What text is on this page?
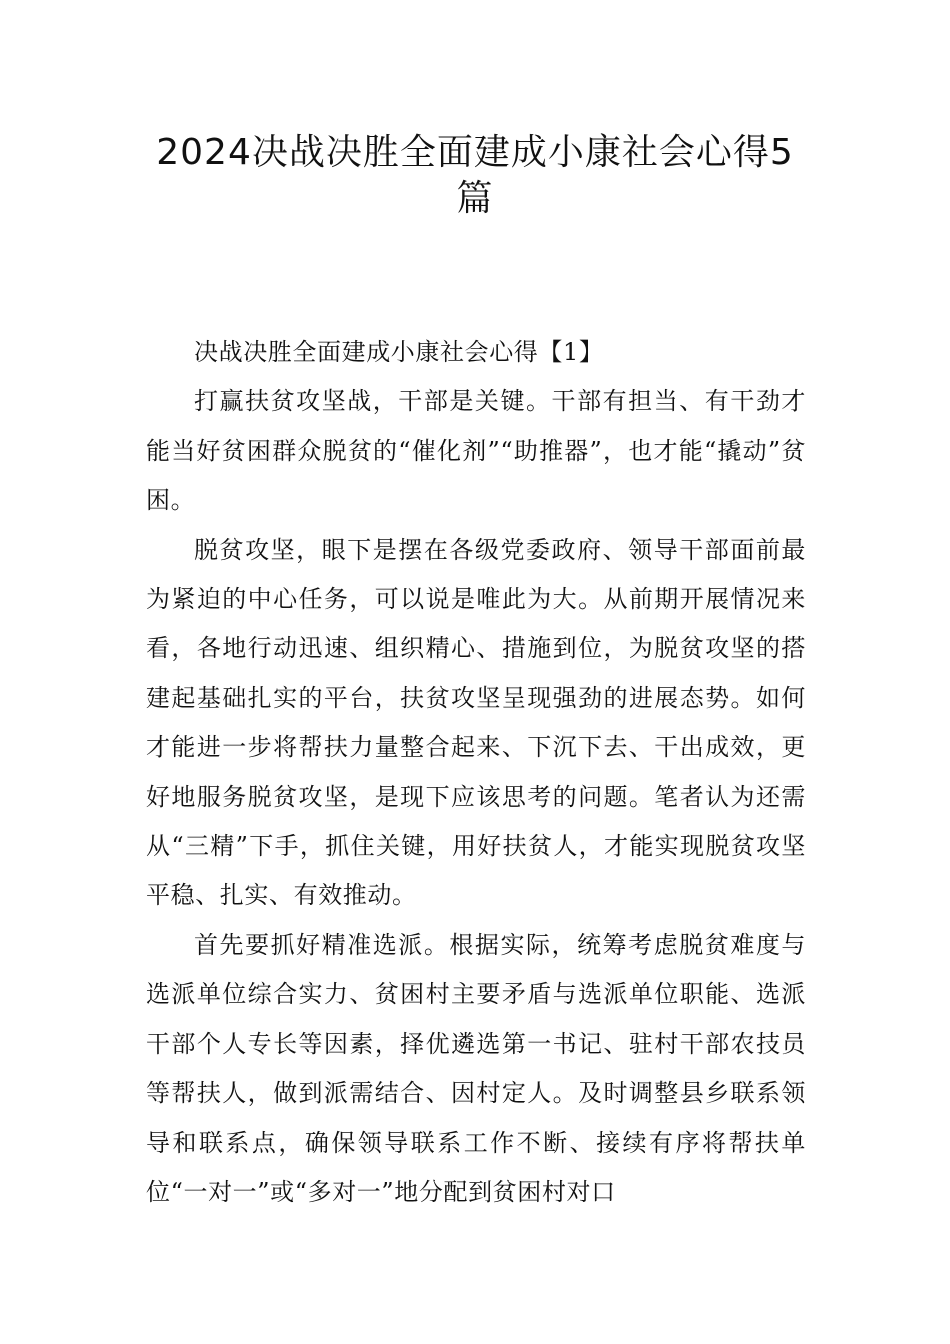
2024决战决胜全面建成小康社会心得5篇

决战决胜全面建成小康社会心得【1】

打赢扶贫攻坚战，干部是关键。干部有担当、有干劲才能当好贫困群众脱贫的“催化剂”“助推器”，也才能“撬动”贫困。

脱贫攻坚，眼下是摆在各级党委政府、领导干部面前最为紧迫的中心任务，可以说是唯此为大。从前期开展情况来看，各地行动迅速、组织精心、措施到位，为脱贫攻坚的搭建起基础扎实的平台，扶贫攻坚呈现强劲的进展态势。如何才能进一步将帮扶力量整合起来、下沉下去、干出成效，更好地服务脱贫攻坚，是现下应该思考的问题。笔者认为还需从“三精”下手，抓住关键，用好扶贫人，才能实现脱贫攻坚平稳、扎实、有效推动。

首先要抓好精准选派。根据实际，统筹考虑脱贫难度与选派单位综合实力、贫困村主要矛盾与选派单位职能、选派干部个人专长等因素，择优遴选第一书记、驻村干部农技员等帮扶人，做到派需结合、因村定人。及时调整县乡联系领导和联系点，确保领导联系工作不断、接续有序将帮扶单位“一对一”或“多对一”地分配到贫困村对口
